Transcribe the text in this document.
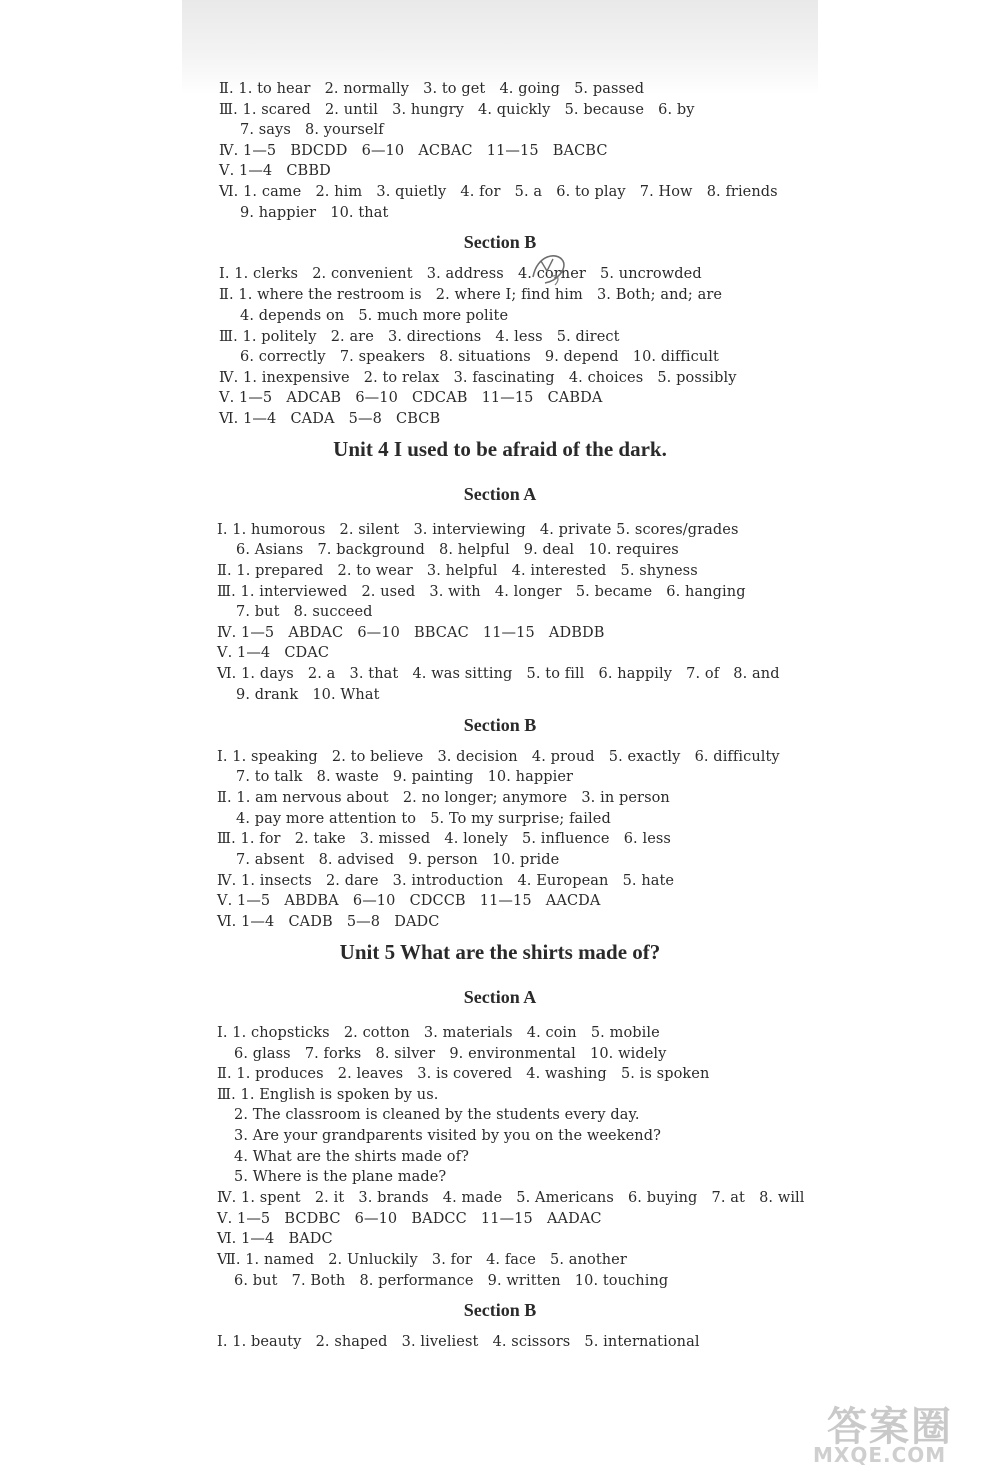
Ⅱ. 1. to hear   2. normally   3. to get   4. going   5. passed
Ⅲ. 1. scared   2. until   3. hungry   4. quickly   5. because   6. by
7. says   8. yourself
Ⅳ. 1—5   BDCDD   6—10   ACBAC   11—15   BACBC
Ⅴ. 1—4   CBBD
Ⅵ. 1. came   2. him   3. quietly   4. for   5. a   6. to play   7. How   8. friends
9. happier   10. that
Section B
Ⅰ. 1. clerks   2. convenient   3. address   4. corner   5. uncrowded
Ⅱ. 1. where the restroom is   2. where I; find him   3. Both; and; are
4. depends on   5. much more polite
Ⅲ. 1. politely   2. are   3. directions   4. less   5. direct
6. correctly   7. speakers   8. situations   9. depend   10. difficult
Ⅳ. 1. inexpensive   2. to relax   3. fascinating   4. choices   5. possibly
Ⅴ. 1—5   ADCAB   6—10   CDCAB   11—15   CABDA
Ⅵ. 1—4   CADA   5—8   CBCB
Unit 4 I used to be afraid of the dark.
Section A
Ⅰ. 1. humorous   2. silent   3. interviewing   4. private 5. scores/grades
6. Asians   7. background   8. helpful   9. deal   10. requires
Ⅱ. 1. prepared   2. to wear   3. helpful   4. interested   5. shyness
Ⅲ. 1. interviewed   2. used   3. with   4. longer   5. became   6. hanging
7. but   8. succeed
Ⅳ. 1—5   ABDAC   6—10   BBCAC   11—15   ADBDB
Ⅴ. 1—4   CDAC
Ⅵ. 1. days   2. a   3. that   4. was sitting   5. to fill   6. happily   7. of   8. and
9. drank   10. What
Section B
Ⅰ. 1. speaking   2. to believe   3. decision   4. proud   5. exactly   6. difficulty
7. to talk   8. waste   9. painting   10. happier
Ⅱ. 1. am nervous about   2. no longer; anymore   3. in person
4. pay more attention to   5. To my surprise; failed
Ⅲ. 1. for   2. take   3. missed   4. lonely   5. influence   6. less
7. absent   8. advised   9. person   10. pride
Ⅳ. 1. insects   2. dare   3. introduction   4. European   5. hate
Ⅴ. 1—5   ABDBA   6—10   CDCCB   11—15   AACDA
Ⅵ. 1—4   CADB   5—8   DADC
Unit 5 What are the shirts made of?
Section A
Ⅰ. 1. chopsticks   2. cotton   3. materials   4. coin   5. mobile
6. glass   7. forks   8. silver   9. environmental   10. widely
Ⅱ. 1. produces   2. leaves   3. is covered   4. washing   5. is spoken
Ⅲ. 1. English is spoken by us.
2. The classroom is cleaned by the students every day.
3. Are your grandparents visited by you on the weekend?
4. What are the shirts made of?
5. Where is the plane made?
Ⅳ. 1. spent   2. it   3. brands   4. made   5. Americans   6. buying   7. at   8. will
Ⅴ. 1—5   BCDBC   6—10   BADCC   11—15   AADAC
Ⅵ. 1—4   BADC
Ⅶ. 1. named   2. Unluckily   3. for   4. face   5. another
6. but   7. Both   8. performance   9. written   10. touching
Section B
Ⅰ. 1. beauty   2. shaped   3. liveliest   4. scissors   5. international
答案圈
MXQE.COM
